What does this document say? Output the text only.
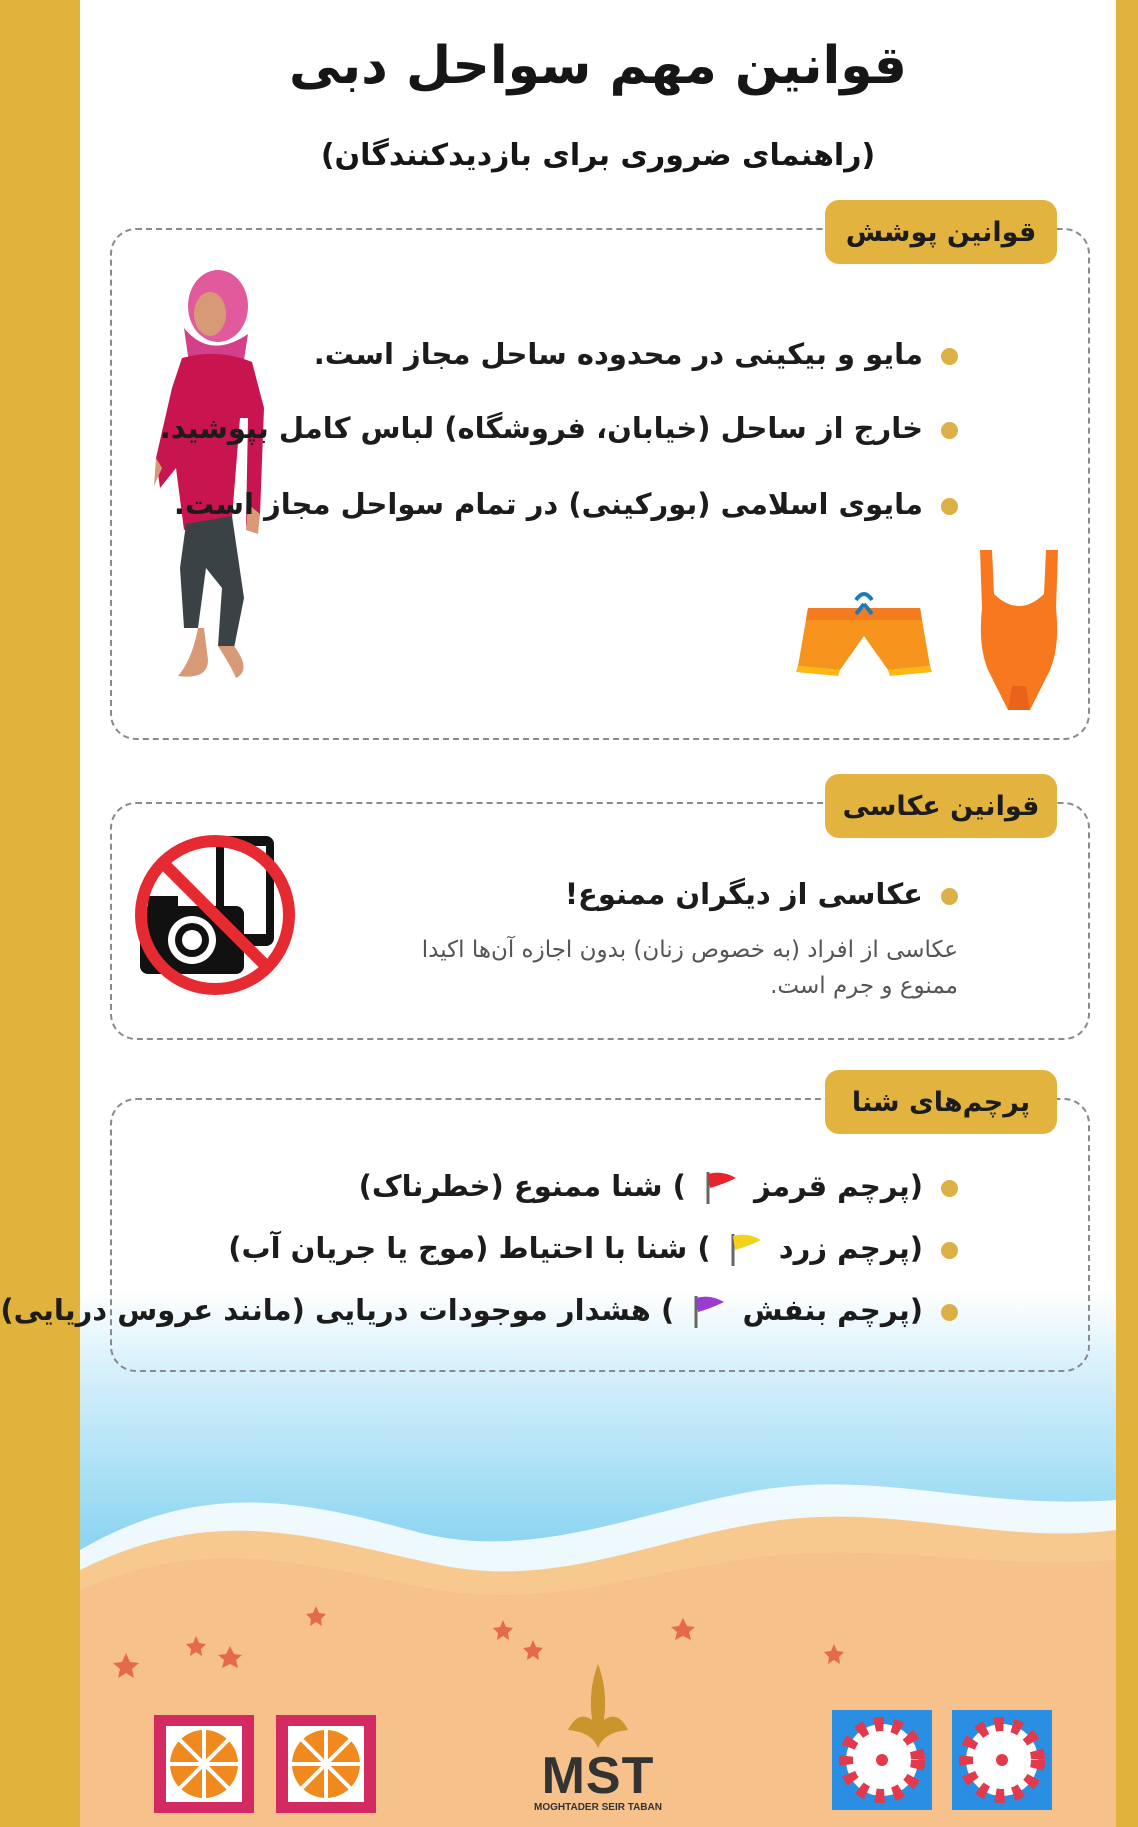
قوانین مهم سواحل دبی
(راهنمای ضروری برای بازدیدکنندگان)
قوانین پوشش
مایو و بیکینی در محدوده ساحل مجاز است.
خارج از ساحل (خیابان، فروشگاه) لباس کامل بپوشید.
مایوی اسلامی (بورکینی) در تمام سواحل مجاز است.
قوانین عکاسی
عکاسی از دیگران ممنوع!
عکاسی از افراد (به خصوص زنان) بدون اجازه آن‌ها اکیدا
ممنوع و جرم است.
پرچم‌های شنا
(پرچم قرمز  ) شنا ممنوع (خطرناک)
(پرچم زرد  ) شنا با احتیاط (موج یا جریان آب)
(پرچم بنفش  ) هشدار موجودات دریایی (مانند عروس دریایی)
MST
MOGHTADER SEIR TABAN
